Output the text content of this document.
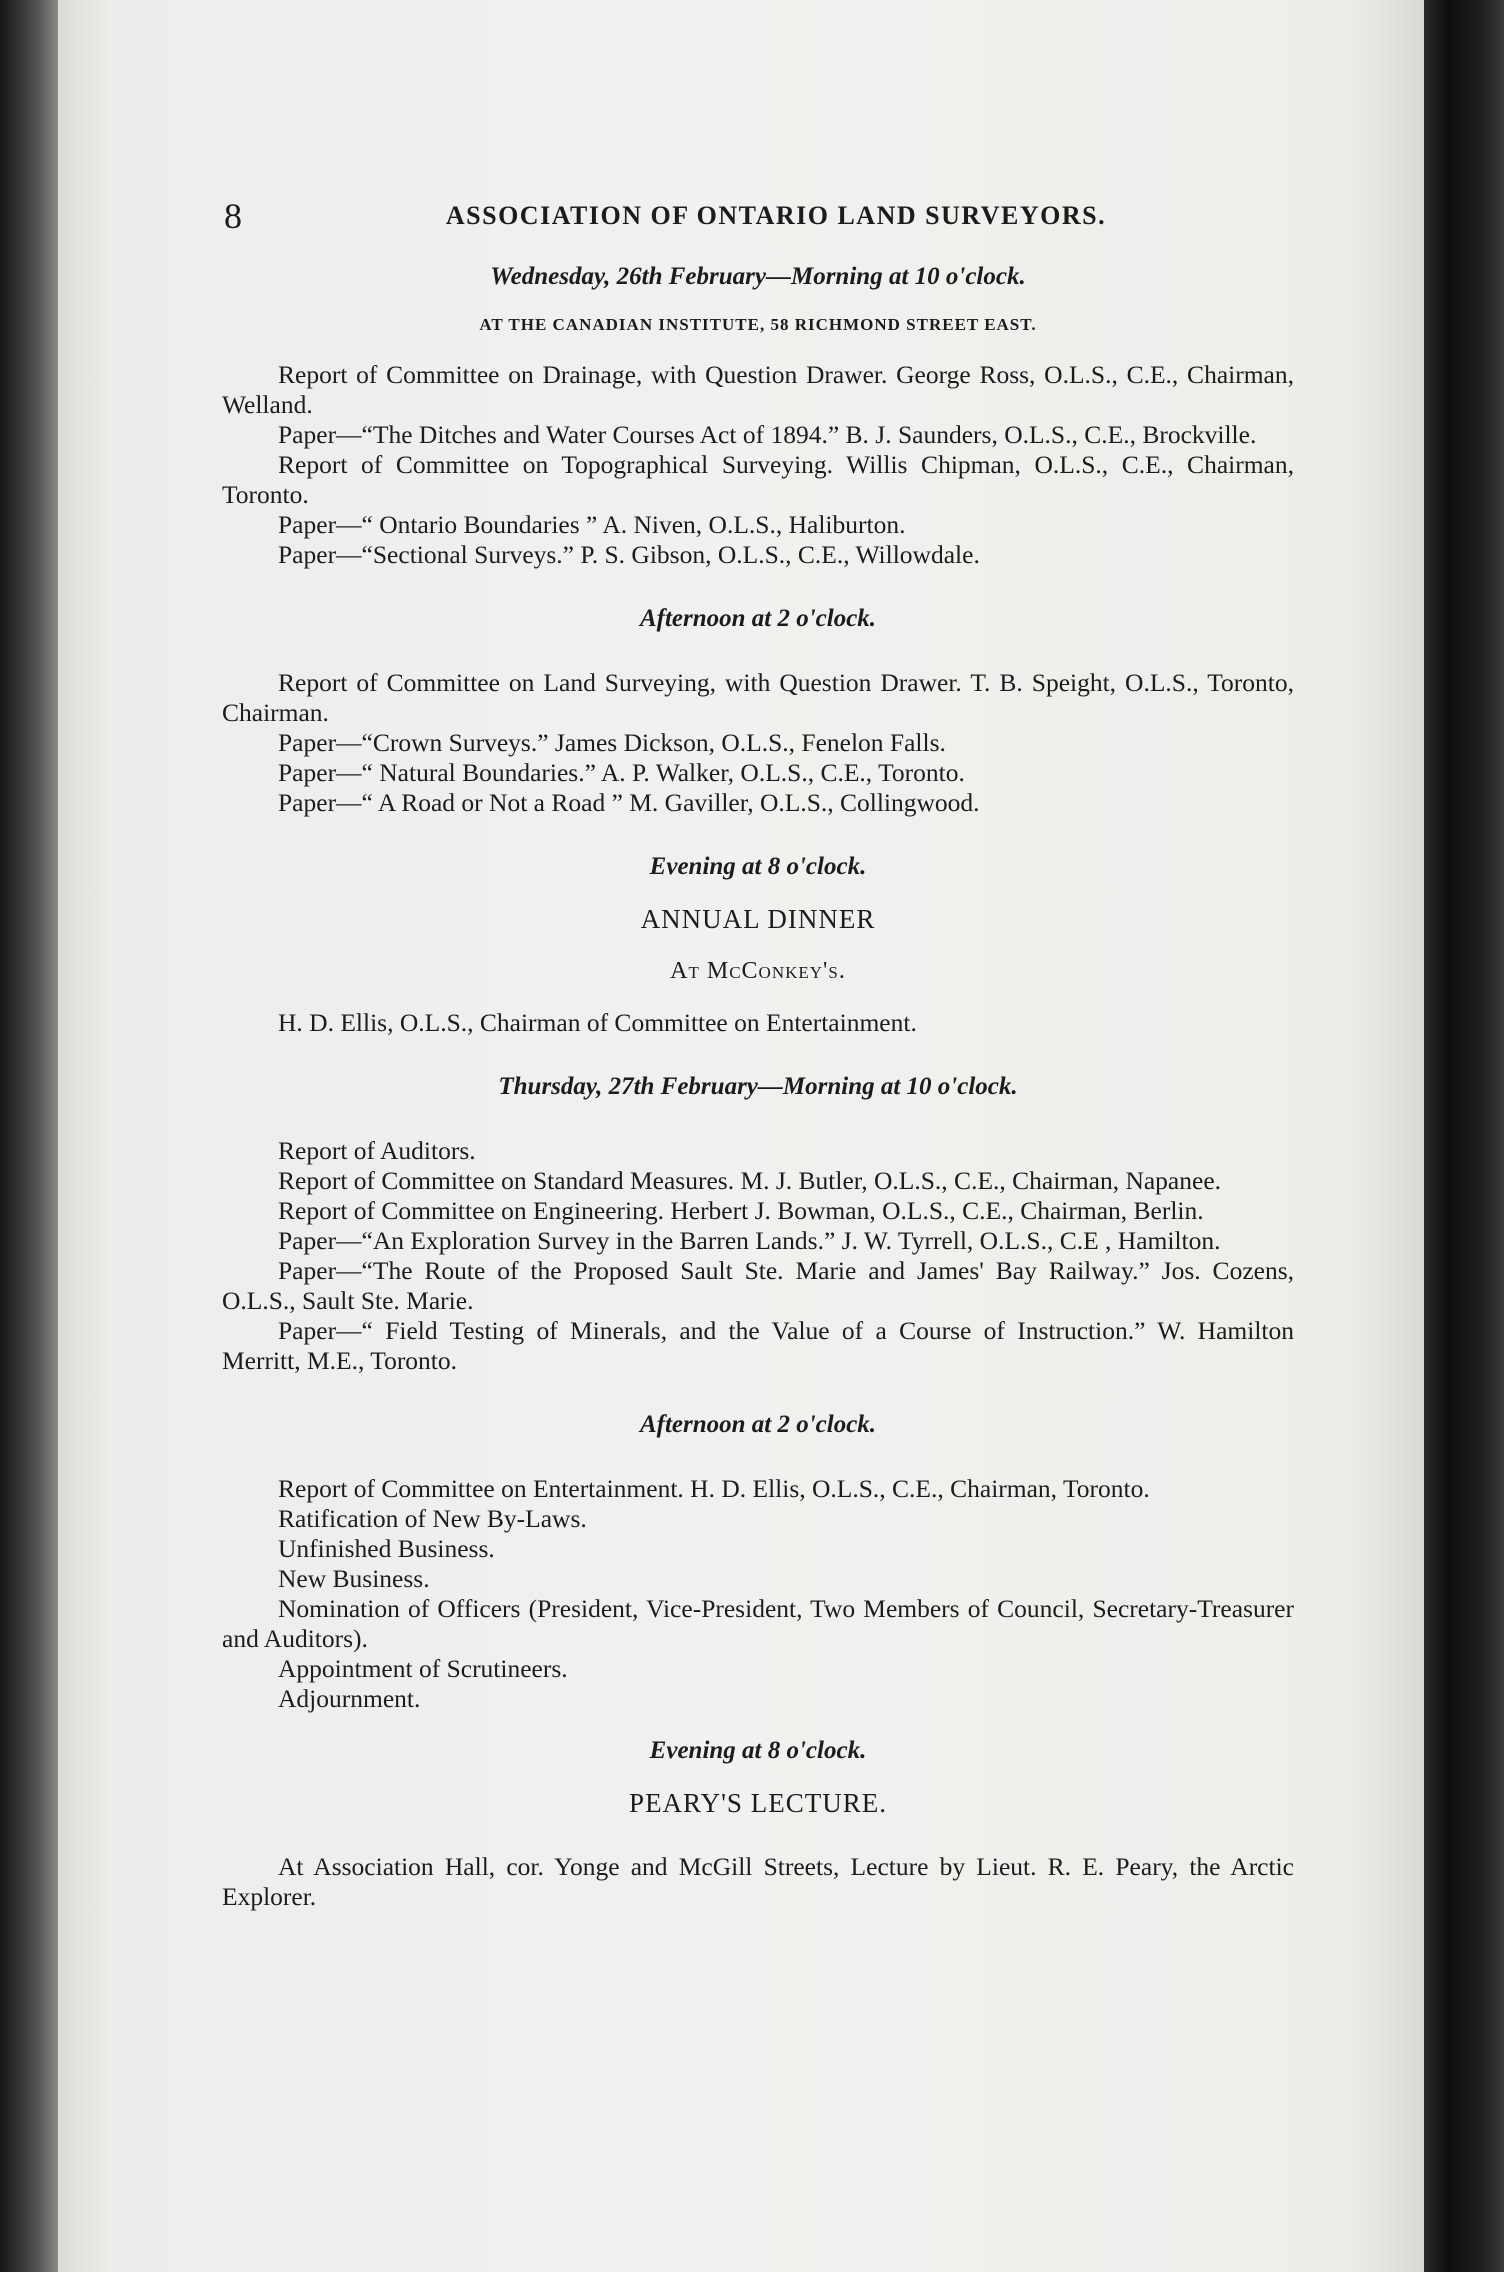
8	ASSOCIATION OF ONTARIO LAND SURVEYORS.

Wednesday, 26th February—Morning at 10 o'clock.

AT THE CANADIAN INSTITUTE, 58 RICHMOND STREET EAST.

Report of Committee on Drainage, with Question Drawer. George Ross, O.L.S., C.E., Chairman, Welland.

Paper—“The Ditches and Water Courses Act of 1894.” B. J. Saunders, O.L.S., C.E., Brockville.

Report of Committee on Topographical Surveying. Willis Chipman, O.L.S., C.E., Chairman, Toronto.

Paper—“ Ontario Boundaries ” A. Niven, O.L.S., Haliburton.

Paper—“Sectional Surveys.” P. S. Gibson, O.L.S., C.E., Willowdale.

Afternoon at 2 o'clock.

Report of Committee on Land Surveying, with Question Drawer. T. B. Speight, O.L.S., Toronto, Chairman.

Paper—“Crown Surveys.” James Dickson, O.L.S., Fenelon Falls.

Paper—“ Natural Boundaries.” A. P. Walker, O.L.S., C.E., Toronto.

Paper—“ A Road or Not a Road ” M. Gaviller, O.L.S., Collingwood.

Evening at 8 o'clock.

ANNUAL DINNER

At McConkey's.

H. D. Ellis, O.L.S., Chairman of Committee on Entertainment.

Thursday, 27th February—Morning at 10 o'clock.

Report of Auditors.

Report of Committee on Standard Measures. M. J. Butler, O.L.S., C.E., Chairman, Napanee.

Report of Committee on Engineering. Herbert J. Bowman, O.L.S., C.E., Chairman, Berlin.

Paper—“An Exploration Survey in the Barren Lands.” J. W. Tyrrell, O.L.S., C.E , Hamilton.

Paper—“The Route of the Proposed Sault Ste. Marie and James' Bay Railway.” Jos. Cozens, O.L.S., Sault Ste. Marie.

Paper—“ Field Testing of Minerals, and the Value of a Course of Instruction.” W. Hamilton Merritt, M.E., Toronto.

Afternoon at 2 o'clock.

Report of Committee on Entertainment. H. D. Ellis, O.L.S., C.E., Chairman, Toronto.

Ratification of New By-Laws.

Unfinished Business.

New Business.

Nomination of Officers (President, Vice-President, Two Members of Council, Secretary-Treasurer and Auditors).

Appointment of Scrutineers.

Adjournment.

Evening at 8 o'clock.

PEARY'S LECTURE.

At Association Hall, cor. Yonge and McGill Streets, Lecture by Lieut. R. E. Peary, the Arctic Explorer.
